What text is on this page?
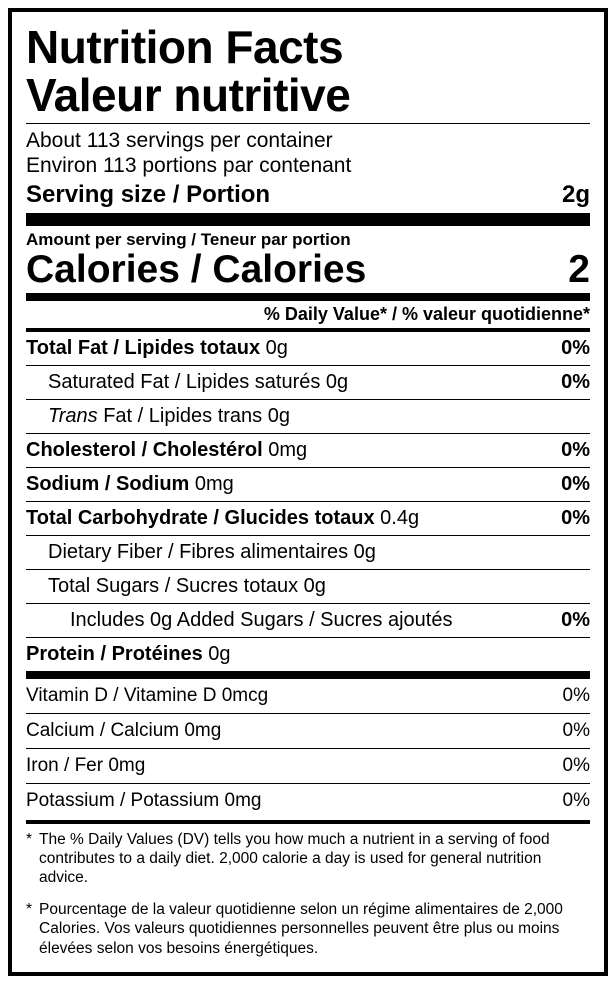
Nutrition Facts
Valeur nutritive
About 113 servings per container
Environ 113 portions par contenant
Serving size / Portion	2g
Amount per serving / Teneur par portion
Calories / Calories	2
% Daily Value* / % valeur quotidienne*
Total Fat / Lipides totaux 0g	0%
Saturated Fat / Lipides saturés 0g	0%
Trans Fat / Lipides trans 0g
Cholesterol / Cholestérol 0mg	0%
Sodium / Sodium 0mg	0%
Total Carbohydrate / Glucides totaux 0.4g	0%
Dietary Fiber / Fibres alimentaires 0g
Total Sugars / Sucres totaux 0g
Includes 0g Added Sugars / Sucres ajoutés	0%
Protein / Protéines 0g
Vitamin D / Vitamine D 0mcg	0%
Calcium / Calcium 0mg	0%
Iron / Fer 0mg	0%
Potassium / Potassium 0mg	0%
* The % Daily Values (DV) tells you how much a nutrient in a serving of food contributes to a daily diet. 2,000 calorie a day is used for general nutrition advice.
* Pourcentage de la valeur quotidienne selon un régime alimentaires de 2,000 Calories. Vos valeurs quotidiennes personnelles peuvent être plus ou moins élevées selon vos besoins énergétiques.
